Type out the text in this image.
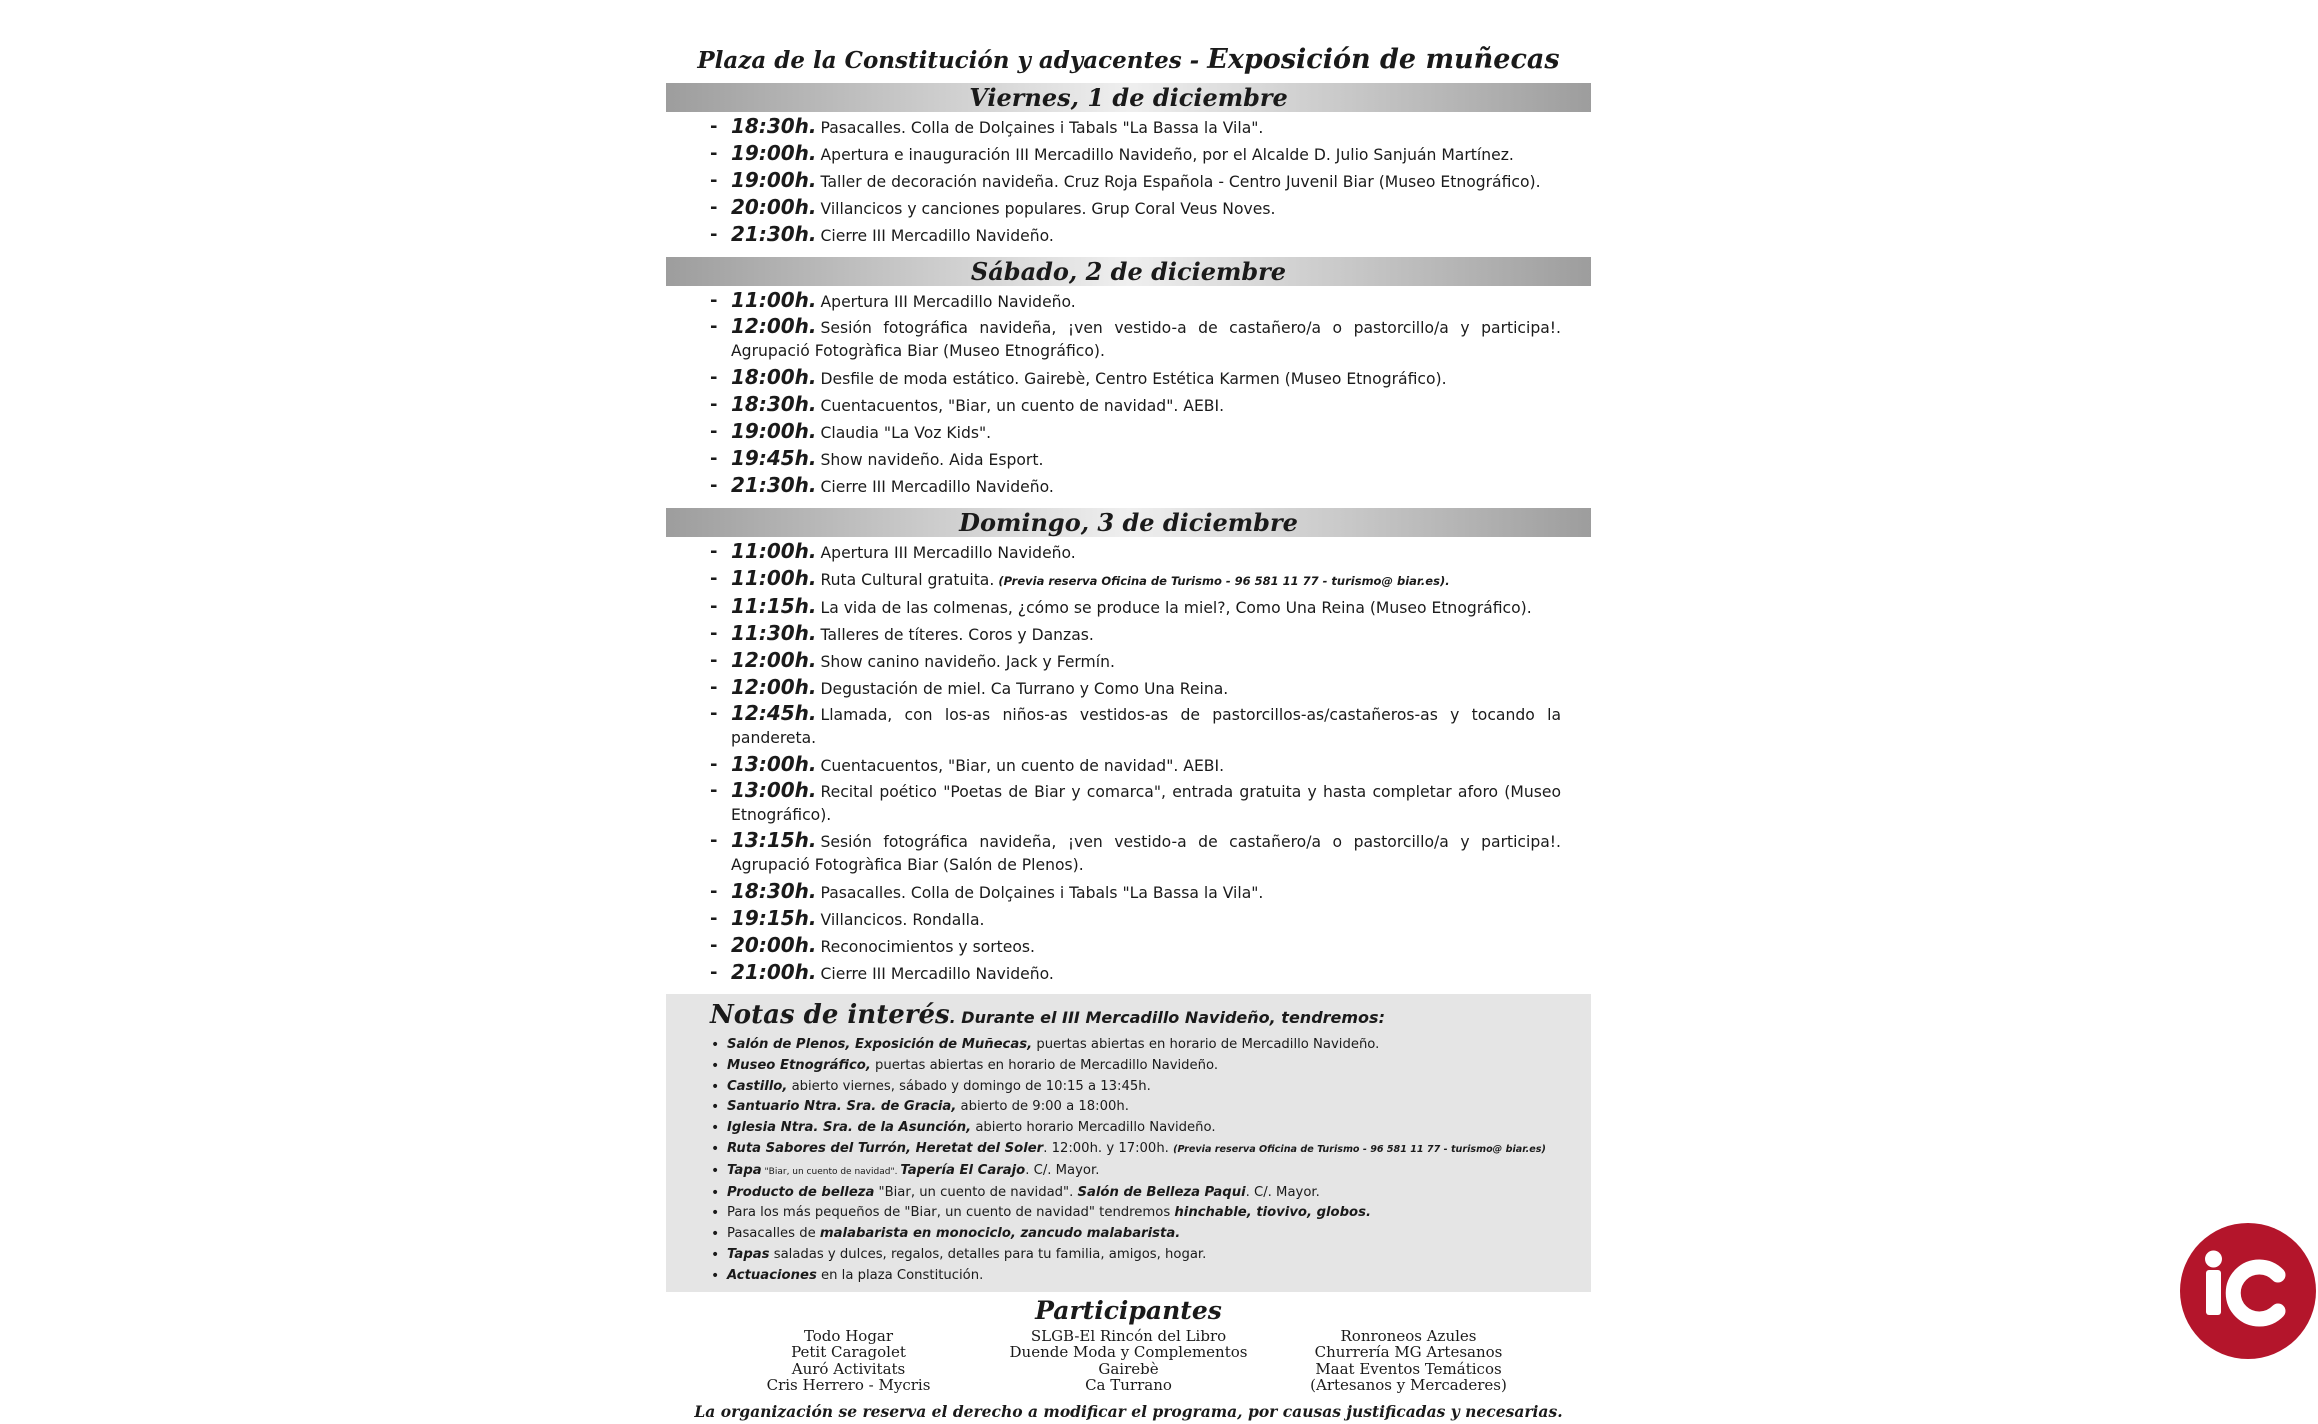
Plaza de la Constitución y adyacentes - Exposición de muñecas
Viernes, 1 de diciembre
- 18:30h. Pasacalles. Colla de Dolçaines i Tabals "La Bassa la Vila".
- 19:00h. Apertura e inauguración III Mercadillo Navideño, por el Alcalde D. Julio Sanjuán Martínez.
- 19:00h. Taller de decoración navideña. Cruz Roja Española - Centro Juvenil Biar (Museo Etnográfico).
- 20:00h. Villancicos y canciones populares. Grup Coral Veus Noves.
- 21:30h. Cierre III Mercadillo Navideño.
Sábado, 2 de diciembre
- 11:00h. Apertura III Mercadillo Navideño.
- 12:00h. Sesión fotográfica navideña, ¡ven vestido-a de castañero/a o pastorcillo/a y participa!. Agrupació Fotogràfica Biar (Museo Etnográfico).
- 18:00h. Desfile de moda estático. Gairebè, Centro Estética Karmen (Museo Etnográfico).
- 18:30h. Cuentacuentos, "Biar, un cuento de navidad". AEBI.
- 19:00h. Claudia "La Voz Kids".
- 19:45h. Show navideño. Aida Esport.
- 21:30h. Cierre III Mercadillo Navideño.
Domingo, 3 de diciembre
- 11:00h. Apertura III Mercadillo Navideño.
- 11:00h. Ruta Cultural gratuita. (Previa reserva Oficina de Turismo - 96 581 11 77 - turismo@ biar.es).
- 11:15h. La vida de las colmenas, ¿cómo se produce la miel?, Como Una Reina (Museo Etnográfico).
- 11:30h. Talleres de títeres. Coros y Danzas.
- 12:00h. Show canino navideño. Jack y Fermín.
- 12:00h. Degustación de miel. Ca Turrano y Como Una Reina.
- 12:45h. Llamada, con los-as niños-as vestidos-as de pastorcillos-as/castañeros-as y tocando la pandereta.
- 13:00h. Cuentacuentos, "Biar, un cuento de navidad". AEBI.
- 13:00h. Recital poético "Poetas de Biar y comarca", entrada gratuita y hasta completar aforo (Museo Etnográfico).
- 13:15h. Sesión fotográfica navideña, ¡ven vestido-a de castañero/a o pastorcillo/a y participa!. Agrupació Fotogràfica Biar (Salón de Plenos).
- 18:30h. Pasacalles. Colla de Dolçaines i Tabals "La Bassa la Vila".
- 19:15h. Villancicos. Rondalla.
- 20:00h. Reconocimientos y sorteos.
- 21:00h. Cierre III Mercadillo Navideño.
Notas de interés. Durante el III Mercadillo Navideño, tendremos:
• Salón de Plenos, Exposición de Muñecas, puertas abiertas en horario de Mercadillo Navideño.
• Museo Etnográfico, puertas abiertas en horario de Mercadillo Navideño.
• Castillo, abierto viernes, sábado y domingo de 10:15 a 13:45h.
• Santuario Ntra. Sra. de Gracia, abierto de 9:00 a 18:00h.
• Iglesia Ntra. Sra. de la Asunción, abierto horario Mercadillo Navideño.
• Ruta Sabores del Turrón, Heretat del Soler. 12:00h. y 17:00h. (Previa reserva Oficina de Turismo - 96 581 11 77 - turismo@ biar.es)
• Tapa "Biar, un cuento de navidad". Tapería El Carajo. C/. Mayor.
• Producto de belleza "Biar, un cuento de navidad". Salón de Belleza Paqui. C/. Mayor.
• Para los más pequeños de "Biar, un cuento de navidad" tendremos hinchable, tiovivo, globos.
• Pasacalles de malabarista en monociclo, zancudo malabarista.
• Tapas saladas y dulces, regalos, detalles para tu familia, amigos, hogar.
• Actuaciones en la plaza Constitución.
Participantes
Todo Hogar
Petit Caragolet
Auró Activitats
Cris Herrero - Mycris
SLGB-El Rincón del Libro
Duende Moda y Complementos
Gairebè
Ca Turrano
Ronroneos Azules
Churrería MG Artesanos
Maat Eventos Temáticos
(Artesanos y Mercaderes)
La organización se reserva el derecho a modificar el programa, por causas justificadas y necesarias.
